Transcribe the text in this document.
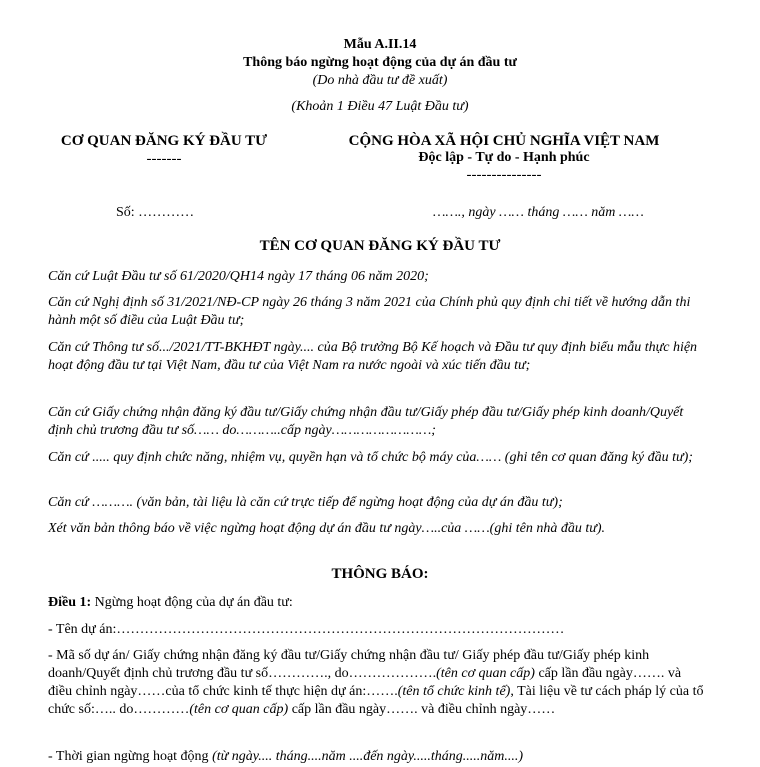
Mẫu A.II.14
Thông báo ngừng hoạt động của dự án đầu tư
(Do nhà đầu tư đề xuất)
(Khoản 1 Điều 47 Luật Đầu tư)
CƠ QUAN ĐĂNG KÝ ĐẦU TƯ
-------
CỘNG HÒA XÃ HỘI CHỦ NGHĨA VIỆT NAM
Độc lập - Tự do - Hạnh phúc
---------------
Số: …………	……., ngày …… tháng …… năm ……
TÊN CƠ QUAN ĐĂNG KÝ ĐẦU TƯ
Căn cứ Luật Đầu tư số 61/2020/QH14 ngày 17 tháng 06 năm 2020;
Căn cứ Nghị định số 31/2021/NĐ-CP ngày 26 tháng 3 năm 2021 của Chính phủ quy định chi tiết về hướng dẫn thi hành một số điều của Luật Đầu tư;
Căn cứ Thông tư số.../2021/TT-BKHĐT ngày.... của Bộ trưởng Bộ Kế hoạch và Đầu tư quy định biểu mẫu thực hiện hoạt động đầu tư tại Việt Nam, đầu tư của Việt Nam ra nước ngoài và xúc tiến đầu tư;
Căn cứ Giấy chứng nhận đăng ký đầu tư/Giấy chứng nhận đầu tư/Giấy phép đầu tư/Giấy phép kinh doanh/Quyết định chủ trương đầu tư số…… do………..cấp ngày……………………;
Căn cứ ..... quy định chức năng, nhiệm vụ, quyền hạn và tổ chức bộ máy của…… (ghi tên cơ quan đăng ký đầu tư);
Căn cứ ………. (văn bản, tài liệu là căn cứ trực tiếp để ngừng hoạt động của dự án đầu tư);
Xét văn bản thông báo về việc ngừng hoạt động dự án đầu tư ngày…..của ……(ghi tên nhà đầu tư).
THÔNG BÁO:
Điều 1: Ngừng hoạt động của dự án đầu tư:
- Tên dự án:……………………………………………………………………………………
- Mã số dự án/ Giấy chứng nhận đăng ký đầu tư/Giấy chứng nhận đầu tư/ Giấy phép đầu tư/Giấy phép kinh doanh/Quyết định chủ trương đầu tư số…………., do……………….(tên cơ quan cấp) cấp lần đầu ngày……. và điều chỉnh ngày……của tổ chức kinh tế thực hiện dự án:…….(tên tổ chức kinh tế), Tài liệu về tư cách pháp lý của tổ chức số:….. do…………(tên cơ quan cấp) cấp lần đầu ngày……. và điều chỉnh ngày……
- Thời gian ngừng hoạt động (từ ngày.... tháng....năm ....đến ngày.....tháng.....năm....)
